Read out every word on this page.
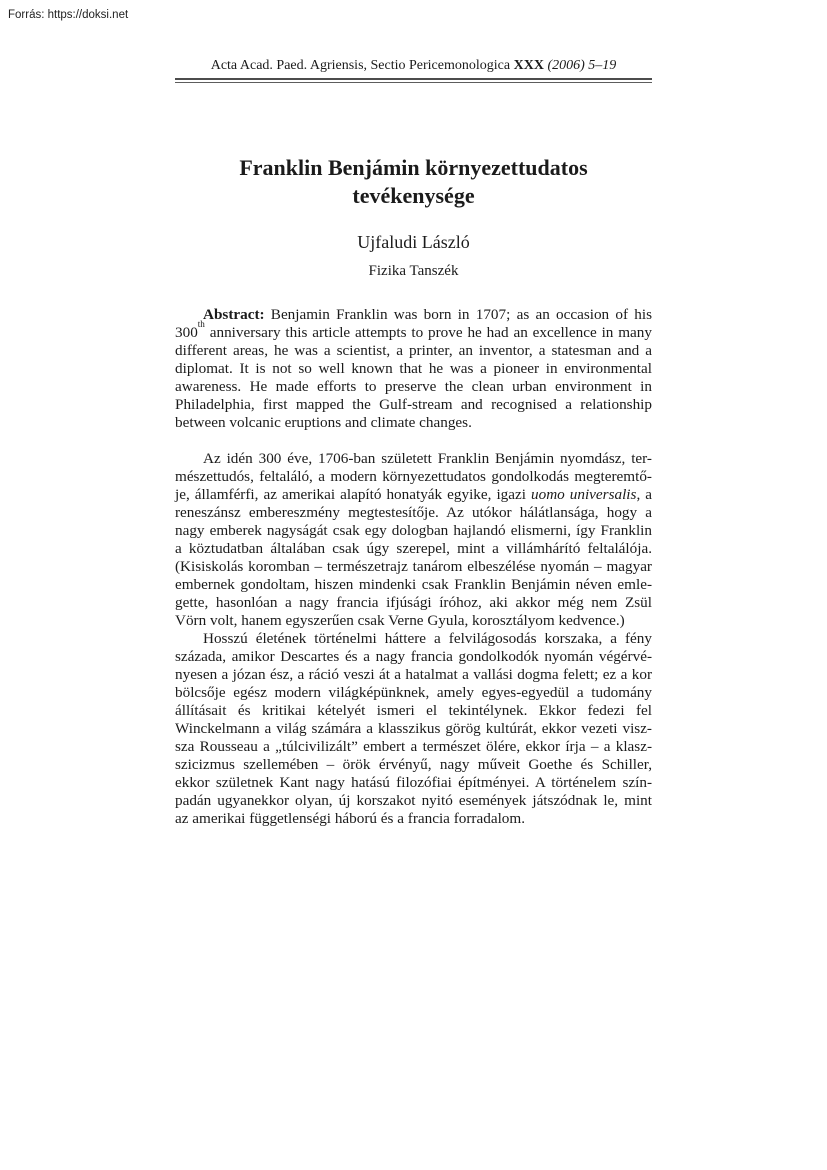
Forrás: https://doksi.net
Acta Acad. Paed. Agriensis, Sectio Pericemonologica XXX (2006) 5–19
Franklin Benjámin környezettudatos
tevékenysége
Ujfaludi László
Fizika Tanszék
Abstract: Benjamin Franklin was born in 1707; as an occasion of his
300th anniversary this article attempts to prove he had an excellence in many
different areas, he was a scientist, a printer, an inventor, a statesman and a
diplomat. It is not so well known that he was a pioneer in environmental
awareness. He made efforts to preserve the clean urban environment in
Philadelphia, first mapped the Gulf-stream and recognised a relationship
between volcanic eruptions and climate changes.
Az idén 300 éve, 1706-ban született Franklin Benjámin nyomdász, ter-
mészettudós, feltaláló, a modern környezettudatos gondolkodás megteremtő-
je, államférfi, az amerikai alapító honatyák egyike, igazi uomo universalis, a
reneszánsz embereszmény megtestesítője. Az utókor hálátlansága, hogy a
nagy emberek nagyságát csak egy dologban hajlandó elismerni, így Franklin
a köztudatban általában csak úgy szerepel, mint a villámhárító feltalálója.
(Kisiskolás koromban – természetrajz tanárom elbeszélése nyomán – magyar
embernek gondoltam, hiszen mindenki csak Franklin Benjámin néven emle-
gette, hasonlóan a nagy francia ifjúsági íróhoz, aki akkor még nem Zsül
Vörn volt, hanem egyszerűen csak Verne Gyula, korosztályom kedvence.)
Hosszú életének történelmi háttere a felvilágosodás korszaka, a fény
százada, amikor Descartes és a nagy francia gondolkodók nyomán végérvé-
nyesen a józan ész, a ráció veszi át a hatalmat a vallási dogma felett; ez a kor
bölcsője egész modern világképünknek, amely egyes-egyedül a tudomány
állításait és kritikai kételyét ismeri el tekintélynek. Ekkor fedezi fel
Winckelmann a világ számára a klasszikus görög kultúrát, ekkor vezeti visz-
sza Rousseau a „túlcivilizált” embert a természet ölére, ekkor írja – a klasz-
szicizmus szellemében – örök érvényű, nagy műveit Goethe és Schiller,
ekkor születnek Kant nagy hatású filozófiai építményei. A történelem szín-
padán ugyanekkor olyan, új korszakot nyitó események játszódnak le, mint
az amerikai függetlenségi háború és a francia forradalom.
